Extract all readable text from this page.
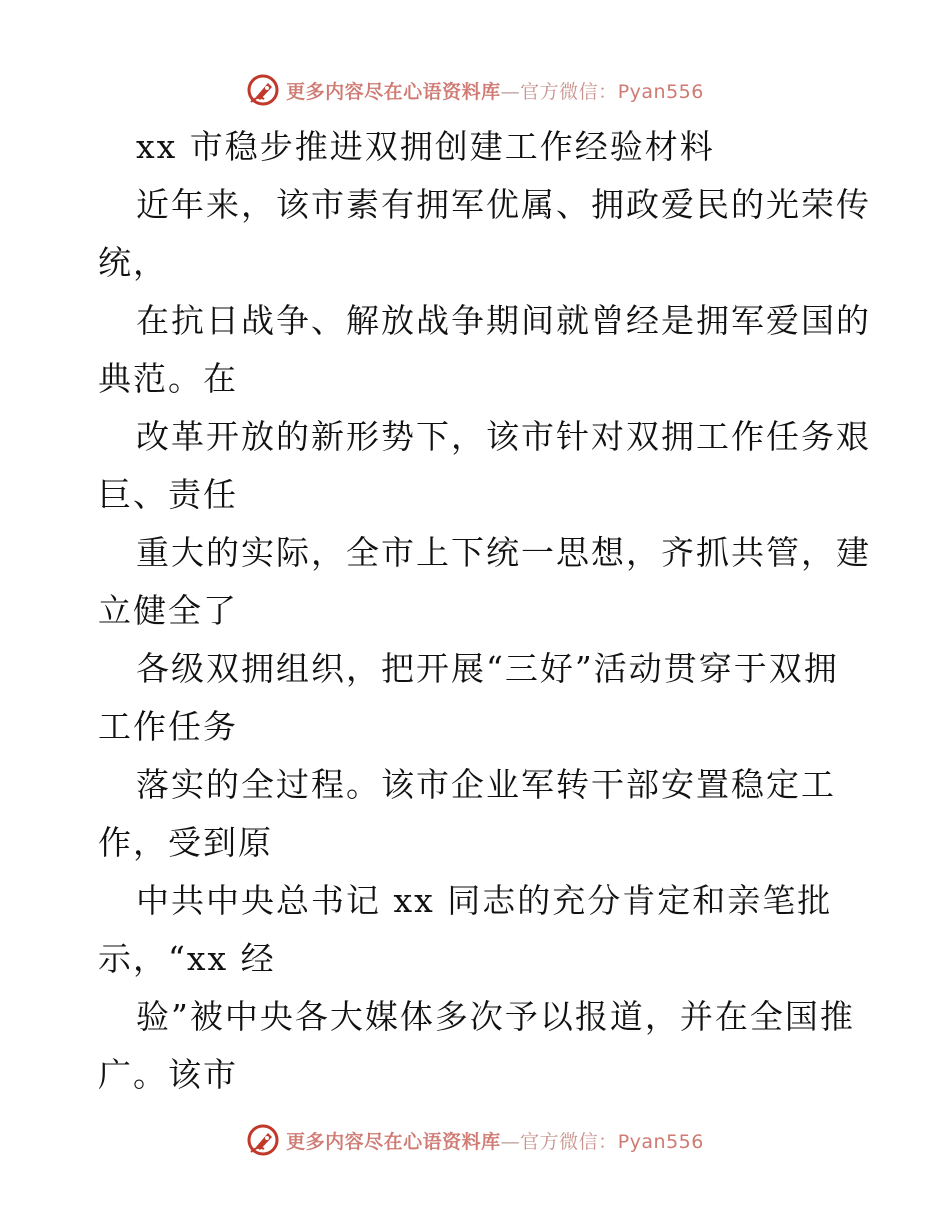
更多内容尽在心语资料库—官方微信：Pyan556
xx 市稳步推进双拥创建工作经验材料
近年来，该市素有拥军优属、拥政爱民的光荣传
统，
在抗日战争、解放战争期间就曾经是拥军爱国的
典范。在
改革开放的新形势下，该市针对双拥工作任务艰
巨、责任
重大的实际，全市上下统一思想，齐抓共管，建
立健全了
各级双拥组织，把开展“三好”活动贯穿于双拥
工作任务
落实的全过程。该市企业军转干部安置稳定工
作，受到原
中共中央总书记 xx 同志的充分肯定和亲笔批
示，“xx 经
验”被中央各大媒体多次予以报道，并在全国推
广。该市
更多内容尽在心语资料库—官方微信：Pyan556
